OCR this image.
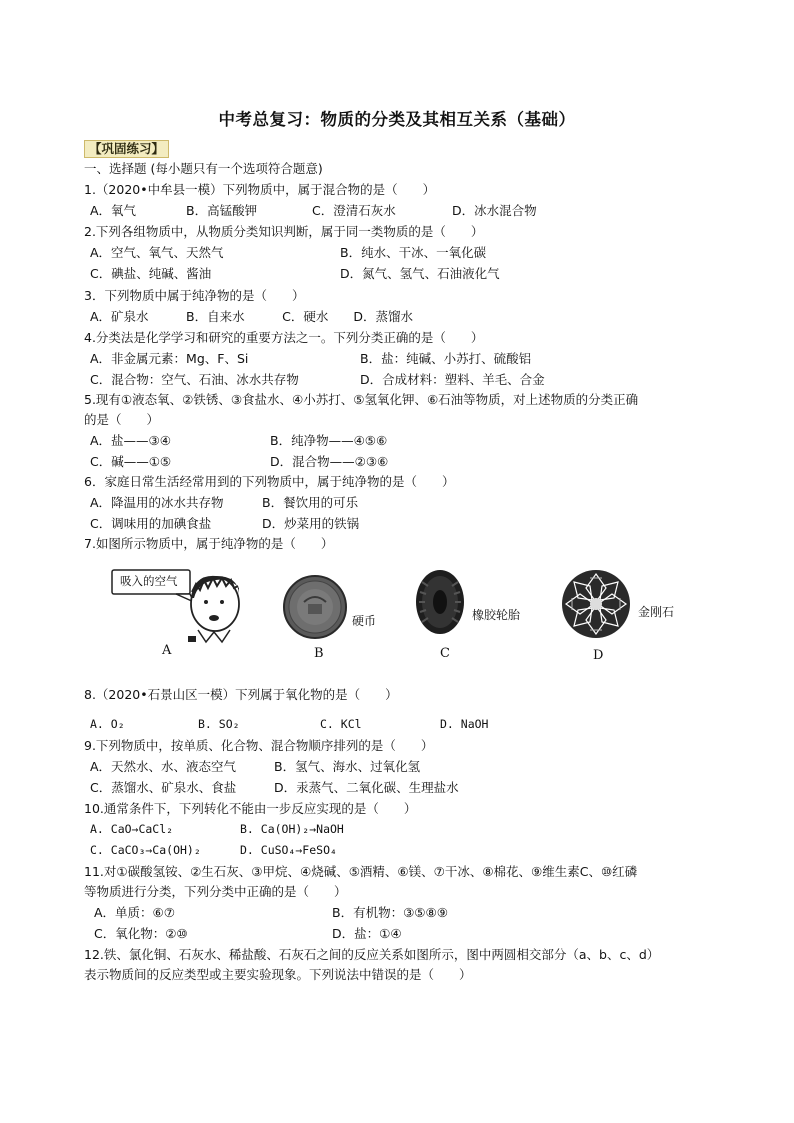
中考总复习：物质的分类及其相互关系（基础）
【巩固练习】
一、选择题 (每小题只有一个选项符合题意)
1.（2020•中牟县一模）下列物质中，属于混合物的是（　　）
A．氧气	B．高锰酸钾	C．澄清石灰水	D．冰水混合物
2.下列各组物质中，从物质分类知识判断，属于同一类物质的是（　　）
A．空气、氧气、天然气	B．纯水、干冰、一氧化碳
C．碘盐、纯碱、酱油	D．氮气、氢气、石油液化气
3．下列物质中属于纯净物的是（　　）
A．矿泉水　　　B．自来水　　　C．硬水　　D．蒸馏水
4.分类法是化学学习和研究的重要方法之一。下列分类正确的是（　　）
A．非金属元素：Mg、F、Si	B．盐：纯碱、小苏打、硫酸铝
C．混合物：空气、石油、冰水共存物	D．合成材料：塑料、羊毛、合金
5.现有①液态氧、②铁锈、③食盐水、④小苏打、⑤氢氧化钾、⑥石油等物质，对上述物质的分类正确
的是（　　）
A．盐——③④	B．纯净物——④⑤⑥
C．碱——①⑤	D．混合物——②③⑥
6．家庭日常生活经常用到的下列物质中，属于纯净物的是（　　）
A．降温用的冰水共存物	B．餐饮用的可乐
C．调味用的加碘食盐	D．炒菜用的铁锅
7.如图所示物质中，属于纯净物的是（　　）
吸入的空气
硬币	橡胶轮胎	金刚石
A	B	C	D
8.（2020•石景山区一模）下列属于氧化物的是（　　）
A. O₂	B. SO₂	C. KCl	D. NaOH
9.下列物质中，按单质、化合物、混合物顺序排列的是（　　）
A．天然水、水、液态空气	B．氢气、海水、过氧化氢
C．蒸馏水、矿泉水、食盐	D．汞蒸气、二氧化碳、生理盐水
10.通常条件下，下列转化不能由一步反应实现的是（　　）
A. CaO→CaCl₂	B. Ca(OH)₂→NaOH
C. CaCO₃→Ca(OH)₂	D. CuSO₄→FeSO₄
11.对①碳酸氢铵、②生石灰、③甲烷、④烧碱、⑤酒精、⑥镁、⑦干冰、⑧棉花、⑨维生素C、⑩红磷
等物质进行分类，下列分类中正确的是（　　）
A．单质：⑥⑦	B．有机物：③⑤⑧⑨
C．氧化物：②⑩	D．盐：①④
12.铁、氯化铜、石灰水、稀盐酸、石灰石之间的反应关系如图所示，图中两圆相交部分（a、b、c、d）
表示物质间的反应类型或主要实验现象。下列说法中错误的是（　　）
